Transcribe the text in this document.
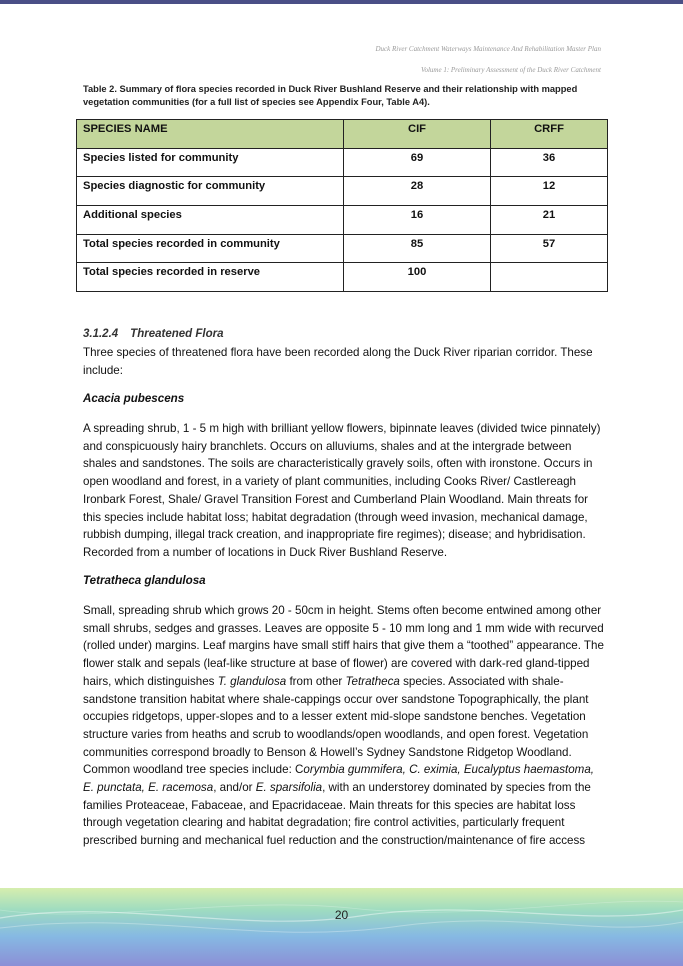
Duck River Catchment Waterways Maintenance And Rehabilitation Master Plan
Volume 1: Preliminary Assessment of the Duck River Catchment
Table 2. Summary of flora species recorded in Duck River Bushland Reserve and their relationship with mapped vegetation communities (for a full list of species see Appendix Four, Table A4).
SPECIES NAME	CIF	CRFF
Species listed for community	69	36
Species diagnostic for community	28	12
Additional species	16	21
Total species recorded in community	85	57
Total species recorded in reserve	100	
3.1.2.4 Threatened Flora
Three species of threatened flora have been recorded along the Duck River riparian corridor. These include:
Acacia pubescens
A spreading shrub, 1 - 5 m high with brilliant yellow flowers, bipinnate leaves (divided twice pinnately) and conspicuously hairy branchlets. Occurs on alluviums, shales and at the intergrade between shales and sandstones. The soils are characteristically gravely soils, often with ironstone. Occurs in open woodland and forest, in a variety of plant communities, including Cooks River/ Castlereagh Ironbark Forest, Shale/ Gravel Transition Forest and Cumberland Plain Woodland. Main threats for this species include habitat loss; habitat degradation (through weed invasion, mechanical damage, rubbish dumping, illegal track creation, and inappropriate fire regimes); disease; and hybridisation. Recorded from a number of locations in Duck River Bushland Reserve.
Tetratheca glandulosa
Small, spreading shrub which grows 20 - 50cm in height. Stems often become entwined among other small shrubs, sedges and grasses. Leaves are opposite 5 - 10 mm long and 1 mm wide with recurved (rolled under) margins. Leaf margins have small stiff hairs that give them a “toothed” appearance. The flower stalk and sepals (leaf-like structure at base of flower) are covered with dark-red gland-tipped hairs, which distinguishes T. glandulosa from other Tetratheca species. Associated with shale-sandstone transition habitat where shale-cappings occur over sandstone Topographically, the plant occupies ridgetops, upper-slopes and to a lesser extent mid-slope sandstone benches. Vegetation structure varies from heaths and scrub to woodlands/open woodlands, and open forest. Vegetation communities correspond broadly to Benson & Howell’s Sydney Sandstone Ridgetop Woodland. Common woodland tree species include: Corymbia gummifera, C. eximia, Eucalyptus haemastoma, E. punctata, E. racemosa, and/or E. sparsifolia, with an understorey dominated by species from the families Proteaceae, Fabaceae, and Epacridaceae. Main threats for this species are habitat loss through vegetation clearing and habitat degradation; fire control activities, particularly frequent prescribed burning and mechanical fuel reduction and the construction/maintenance of fire access
20
